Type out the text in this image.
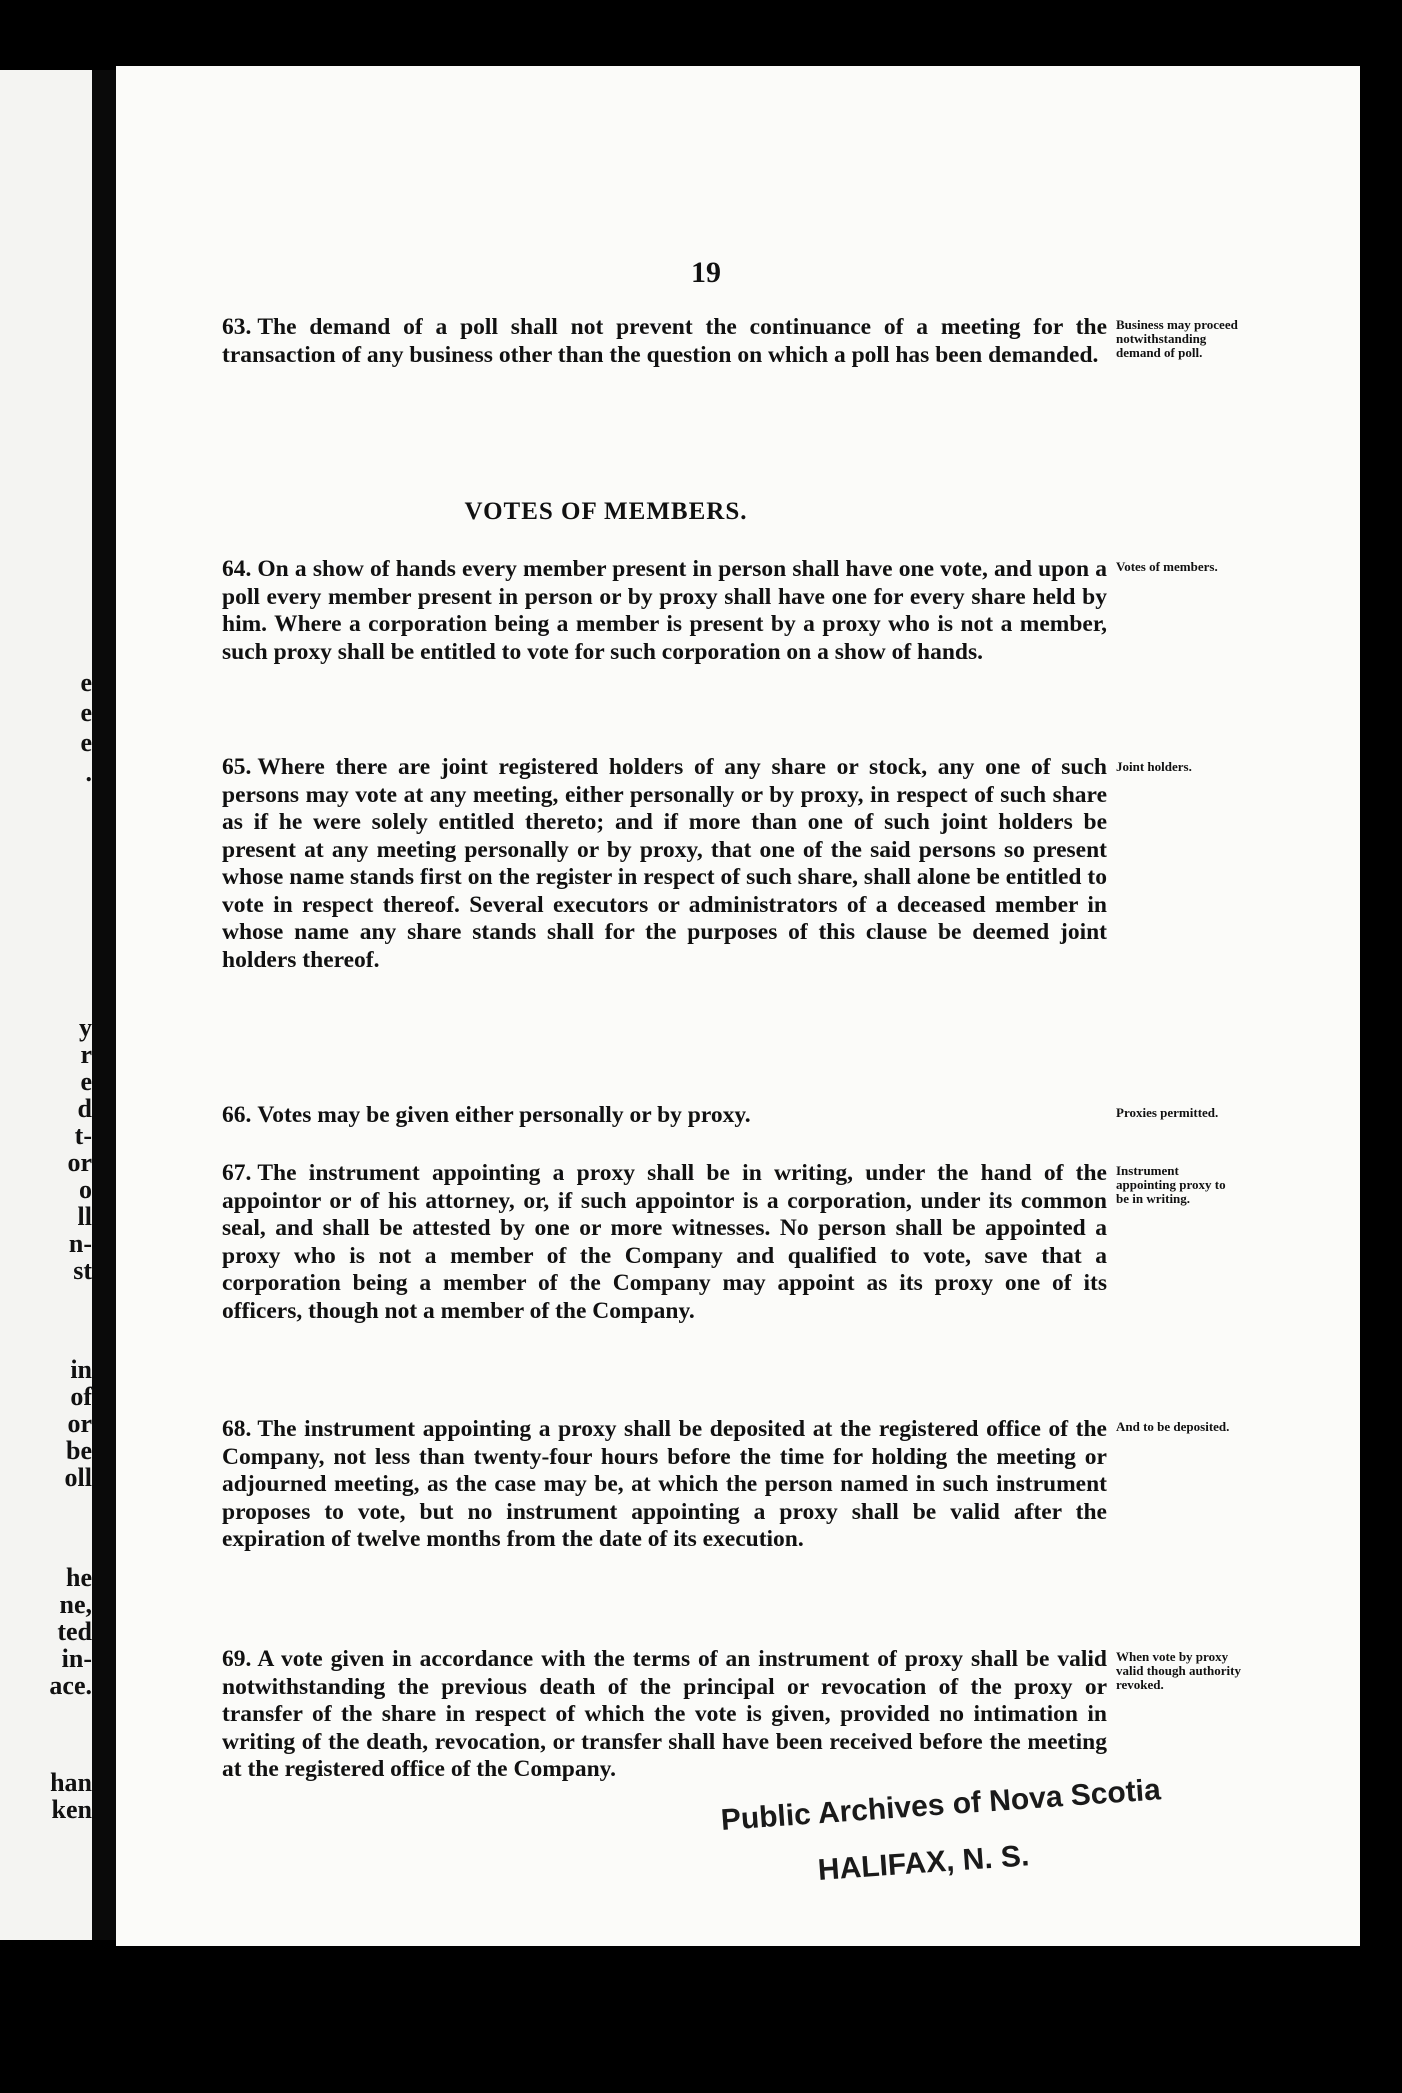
e
e
e
.
y
r
e
d
t-
or
o
ll
n-
st
in
of
or
be
oll
he
ne,
ted
in-
ace.
han
ken
19
63. The demand of a poll shall not prevent the continuance of a meeting for the transaction of any business other than the question on which a poll has been demanded.
Business may proceed notwithstanding demand of poll.
VOTES OF MEMBERS.
64. On a show of hands every member present in person shall have one vote, and upon a poll every member present in person or by proxy shall have one for every share held by him. Where a corporation being a member is present by a proxy who is not a member, such proxy shall be entitled to vote for such corporation on a show of hands.
Votes of members.
65. Where there are joint registered holders of any share or stock, any one of such persons may vote at any meeting, either personally or by proxy, in respect of such share as if he were solely entitled thereto; and if more than one of such joint holders be present at any meeting personally or by proxy, that one of the said persons so present whose name stands first on the register in respect of such share, shall alone be entitled to vote in respect thereof. Several executors or administrators of a deceased member in whose name any share stands shall for the purposes of this clause be deemed joint holders thereof.
Joint holders.
66. Votes may be given either personally or by proxy.	Proxies permitted.
67. The instrument appointing a proxy shall be in writing, under the hand of the appointor or of his attorney, or, if such appointor is a corporation, under its common seal, and shall be attested by one or more witnesses. No person shall be appointed a proxy who is not a member of the Company and qualified to vote, save that a corporation being a member of the Company may appoint as its proxy one of its officers, though not a member of the Company.
Instrument appointing proxy to be in writing.
68. The instrument appointing a proxy shall be deposited at the registered office of the Company, not less than twenty-four hours before the time for holding the meeting or adjourned meeting, as the case may be, at which the person named in such instrument proposes to vote, but no instrument appointing a proxy shall be valid after the expiration of twelve months from the date of its execution.
And to be deposited.
69. A vote given in accordance with the terms of an instrument of proxy shall be valid notwithstanding the previous death of the principal or revocation of the proxy or transfer of the share in respect of which the vote is given, provided no intimation in writing of the death, revocation, or transfer shall have been received before the meeting at the registered office of the Company.
When vote by proxy valid though authority revoked.
Public Archives of Nova Scotia
HALIFAX, N. S.
